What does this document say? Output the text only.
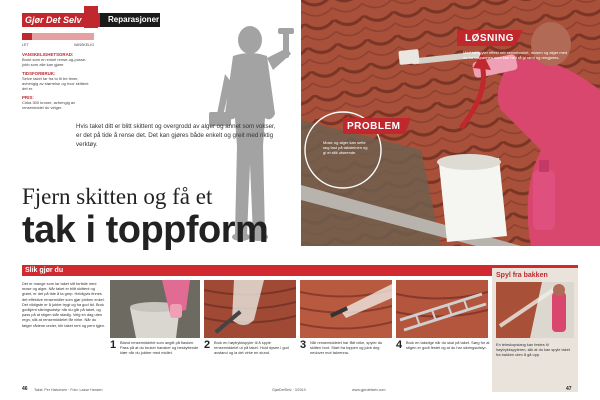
Gjør Det Selv	Reparasjoner
LET	VANSKELIG
VANSKELIGHETSGRAD:
Brukt som en enkel rense-og-pusse-jobb som alle kan gjøre.
TIDSFORBRUK:
Selve taket tar fra to til tre timer, avhengig av størrelse og hvor skittent det er.
PRIS:
Cirka 300 kroner, avhengig av rensemiddel du velger.
Hvis taket ditt er blitt skittent og overgrodd av alger og annet som vokser, er det på tide å rense det. Det kan gjøres både enkelt og greit med riktig verktøy.
Fjern skitten og få et
tak i toppform
LØSNING
Med takspyler effekt rett sensebruket, mosen og alger med de fra takpannen som kan helt rå gi ramt og rengjøres.
PROBLEM
Mose og alger kan sette seg fast på taksteinen og gi et slitt utseende.
Slik gjør du
Det er mange som lar taket sitt forfalle med mose og alger. Når taket er blitt skittent og grønt, er det på tide å ta grep. Heldigvis finnes det effektive rensemidler som gjør jobben enkel. Det viktigste er å jobbe trygt og ha god tid. Bruk godkjent sikringsutstyr når du går på taket, og pass på at stigen står stødig. Velg en dag uten regn, slik at rensemiddelet får virke. Når du følger rådene under, blir taket rent og pent igjen.
1 Bland rensemiddelet som angitt på flasken. Pass på at du bruker hansker og beskyttende klær når du jobber med midlet.
2 Bruk en høytrykkspyler til å spyle rensemiddelet ut på taket. Hold dysen i god avstand og la det virke en stund.
3 Når rensemiddelet har fått virke, spyler du skitten bort. Start fra toppen og jobb deg nedover mot takrenna.
4 Bruk en takstige når du skal på taket. Sørg for at stigen er godt festet og at du har sikringsutstyr.
Spyl fra bakken
En teleskopstang kan festes til høytrykkspyleren, slik at du kan spyle taket fra bakken uten å gå opp.
46 Takst: Per Halvorsen · Foto: Lasse Hansen	GjørDetSelv · 3/2010	www.gjordetselv.com	47
